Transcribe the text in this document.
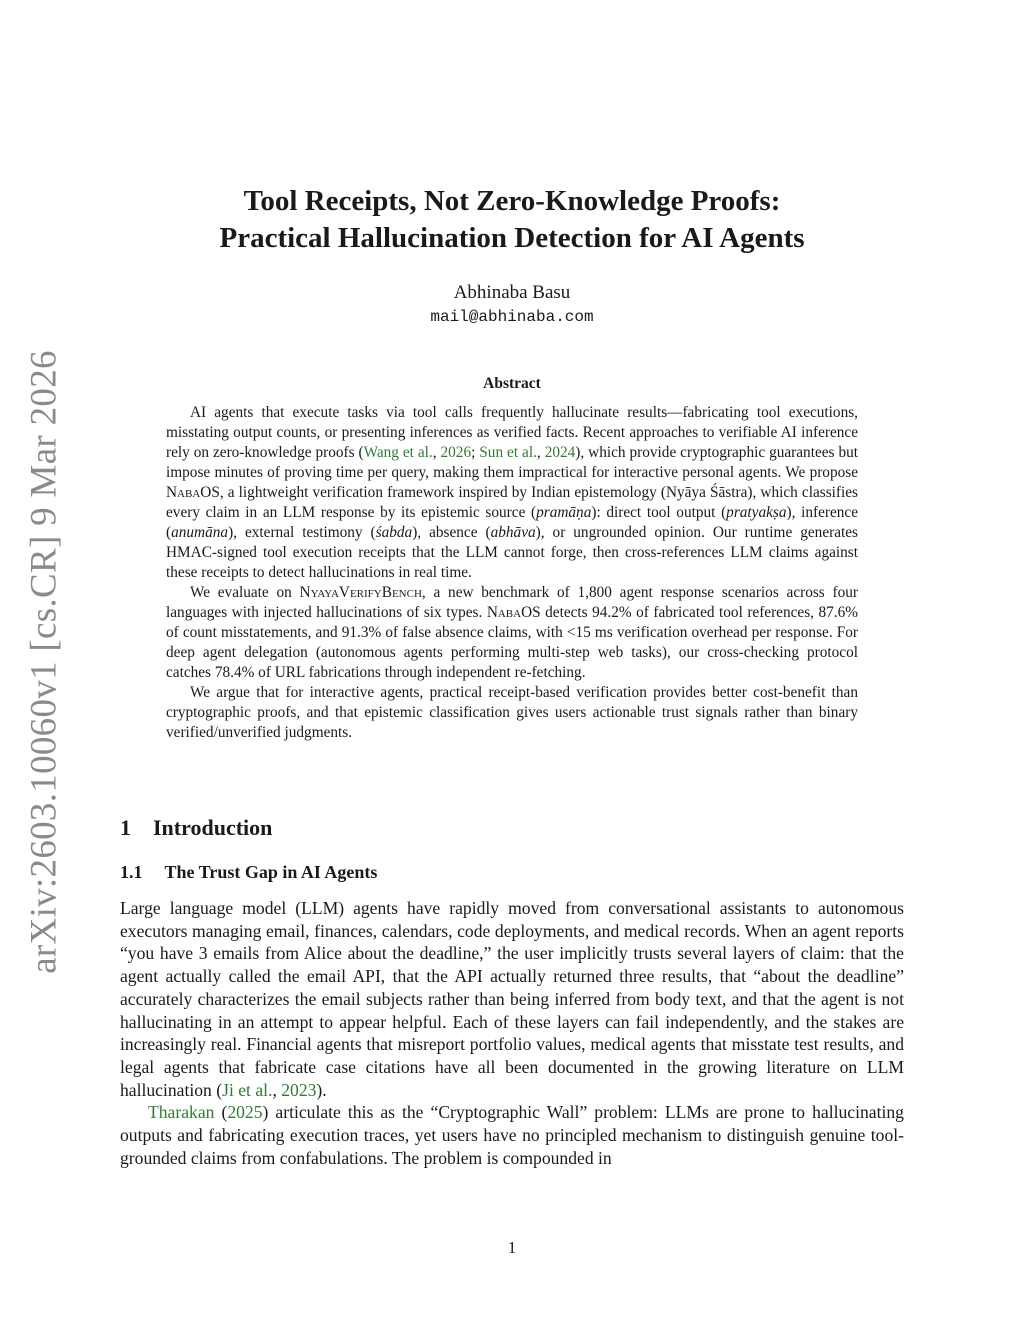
arXiv:2603.10060v1 [cs.CR] 9 Mar 2026
Tool Receipts, Not Zero-Knowledge Proofs:
Practical Hallucination Detection for AI Agents
Abhinaba Basu
mail@abhinaba.com
Abstract

AI agents that execute tasks via tool calls frequently hallucinate results—fabricating tool executions, misstating output counts, or presenting inferences as verified facts. Recent approaches to verifiable AI inference rely on zero-knowledge proofs (Wang et al., 2026; Sun et al., 2024), which provide cryptographic guarantees but impose minutes of proving time per query, making them impractical for interactive personal agents. We propose NabaOS, a lightweight verification framework inspired by Indian epistemology (Nyāya Śāstra), which classifies every claim in an LLM response by its epistemic source (pramāṇa): direct tool output (pratyakṣa), inference (anumāna), external testimony (śabda), absence (abhāva), or ungrounded opinion. Our runtime generates HMAC-signed tool execution receipts that the LLM cannot forge, then cross-references LLM claims against these receipts to detect hallucinations in real time.

We evaluate on NyayaVerifyBench, a new benchmark of 1,800 agent response scenarios across four languages with injected hallucinations of six types. NabaOS detects 94.2% of fabricated tool references, 87.6% of count misstatements, and 91.3% of false absence claims, with <15 ms verification overhead per response. For deep agent delegation (autonomous agents performing multi-step web tasks), our cross-checking protocol catches 78.4% of URL fabrications through independent re-fetching.

We argue that for interactive agents, practical receipt-based verification provides better cost-benefit than cryptographic proofs, and that epistemic classification gives users actionable trust signals rather than binary verified/unverified judgments.

1 Introduction
1.1 The Trust Gap in AI Agents

Large language model (LLM) agents have rapidly moved from conversational assistants to autonomous executors managing email, finances, calendars, code deployments, and medical records. When an agent reports “you have 3 emails from Alice about the deadline,” the user implicitly trusts several layers of claim: that the agent actually called the email API, that the API actually returned three results, that “about the deadline” accurately characterizes the email subjects rather than being inferred from body text, and that the agent is not hallucinating in an attempt to appear helpful. Each of these layers can fail independently, and the stakes are increasingly real. Financial agents that misreport portfolio values, medical agents that misstate test results, and legal agents that fabricate case citations have all been documented in the growing literature on LLM hallucination (Ji et al., 2023).

Tharakan (2025) articulate this as the “Cryptographic Wall” problem: LLMs are prone to hallucinating outputs and fabricating execution traces, yet users have no principled mechanism to distinguish genuine tool-grounded claims from confabulations. The problem is compounded in

1
